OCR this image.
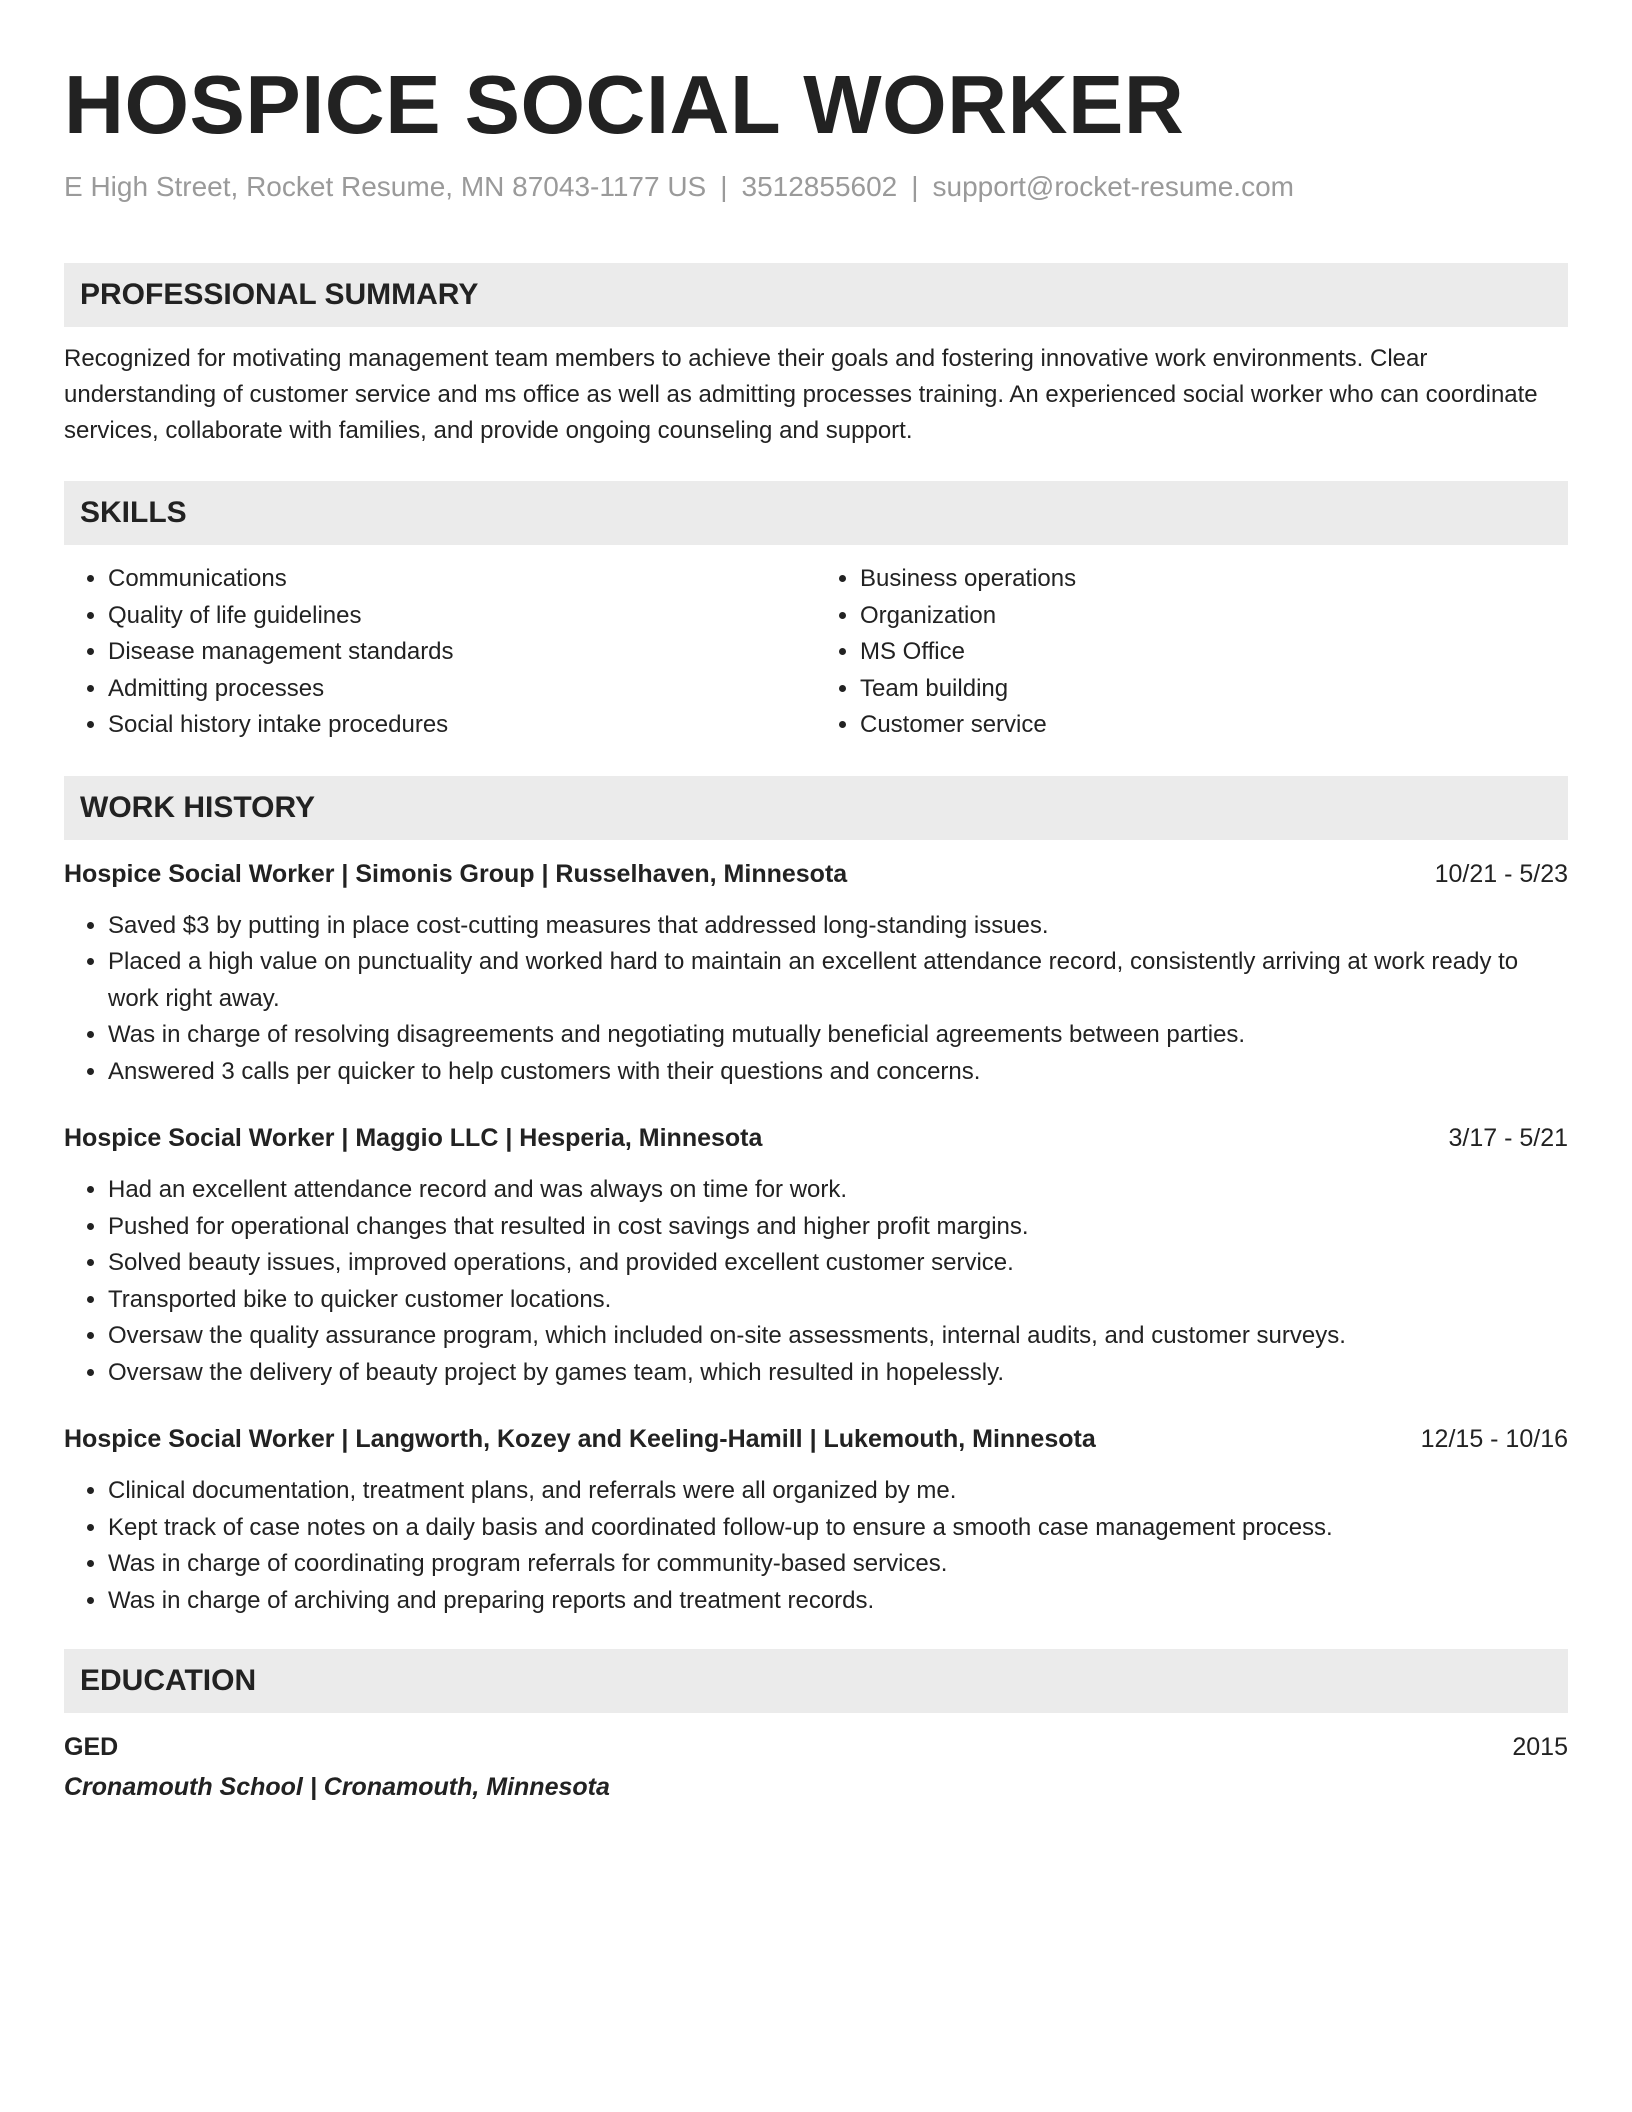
HOSPICE SOCIAL WORKER
E High Street, Rocket Resume, MN 87043-1177 US | 3512855602 | support@rocket-resume.com
PROFESSIONAL SUMMARY

Recognized for motivating management team members to achieve their goals and fostering innovative work environments. Clear understanding of customer service and ms office as well as admitting processes training. An experienced social worker who can coordinate services, collaborate with families, and provide ongoing counseling and support.

SKILLS
• Communications
• Quality of life guidelines
• Disease management standards
• Admitting processes
• Social history intake procedures
• Business operations
• Organization
• MS Office
• Team building
• Customer service
WORK HISTORY
Hospice Social Worker | Simonis Group | Russelhaven, Minnesota	10/21 - 5/23
• Saved $3 by putting in place cost-cutting measures that addressed long-standing issues.
• Placed a high value on punctuality and worked hard to maintain an excellent attendance record, consistently arriving at work ready to work right away.
• Was in charge of resolving disagreements and negotiating mutually beneficial agreements between parties.
• Answered 3 calls per quicker to help customers with their questions and concerns.
Hospice Social Worker | Maggio LLC | Hesperia, Minnesota	3/17 - 5/21
• Had an excellent attendance record and was always on time for work.
• Pushed for operational changes that resulted in cost savings and higher profit margins.
• Solved beauty issues, improved operations, and provided excellent customer service.
• Transported bike to quicker customer locations.
• Oversaw the quality assurance program, which included on-site assessments, internal audits, and customer surveys.
• Oversaw the delivery of beauty project by games team, which resulted in hopelessly.
Hospice Social Worker | Langworth, Kozey and Keeling-Hamill | Lukemouth, Minnesota	12/15 - 10/16
• Clinical documentation, treatment plans, and referrals were all organized by me.
• Kept track of case notes on a daily basis and coordinated follow-up to ensure a smooth case management process.
• Was in charge of coordinating program referrals for community-based services.
• Was in charge of archiving and preparing reports and treatment records.
EDUCATION
GED	2015
Cronamouth School | Cronamouth, Minnesota
